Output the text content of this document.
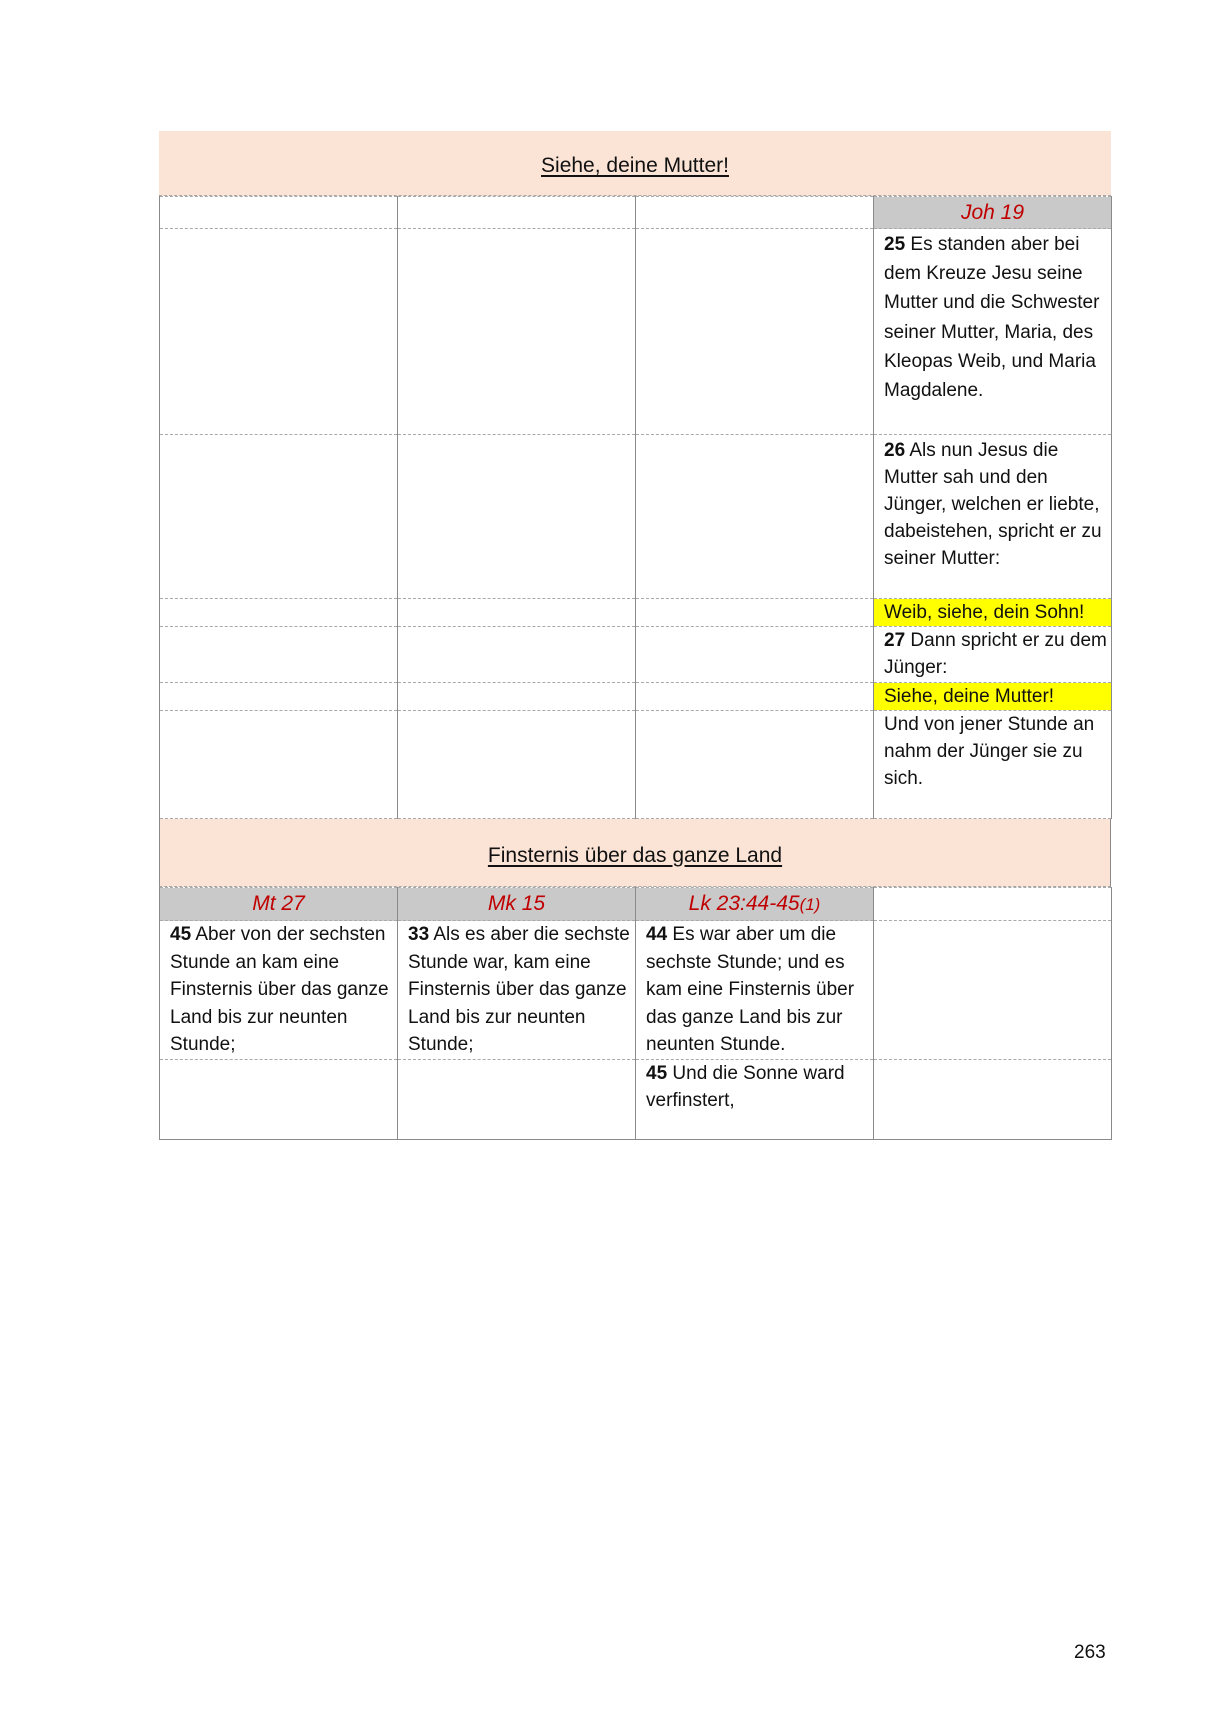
Siehe, deine Mutter!
			Joh 19
			25 Es standen aber bei dem Kreuze Jesu seine Mutter und die Schwester seiner Mutter, Maria, des Kleopas Weib, und Maria Magdalene.
			26 Als nun Jesus die Mutter sah und den Jünger, welchen er liebte, dabeistehen, spricht er zu seiner Mutter:

			Weib, siehe, dein Sohn!

			27 Dann spricht er zu dem Jünger:

			Siehe, deine Mutter!

			Und von jener Stunde an nahm der Jünger sie zu sich.
Finsternis über das ganze Land
Mt 27	Mk 15	Lk 23:44-45(1)	
45 Aber von der sechsten Stunde an kam eine Finsternis über das ganze Land bis zur neunten Stunde;	33 Als es aber die sechste Stunde war, kam eine Finsternis über das ganze Land bis zur neunten Stunde;	44 Es war aber um die sechste Stunde; und es kam eine Finsternis über das ganze Land bis zur neunten Stunde.	
		45 Und die Sonne ward verfinstert,	
263
